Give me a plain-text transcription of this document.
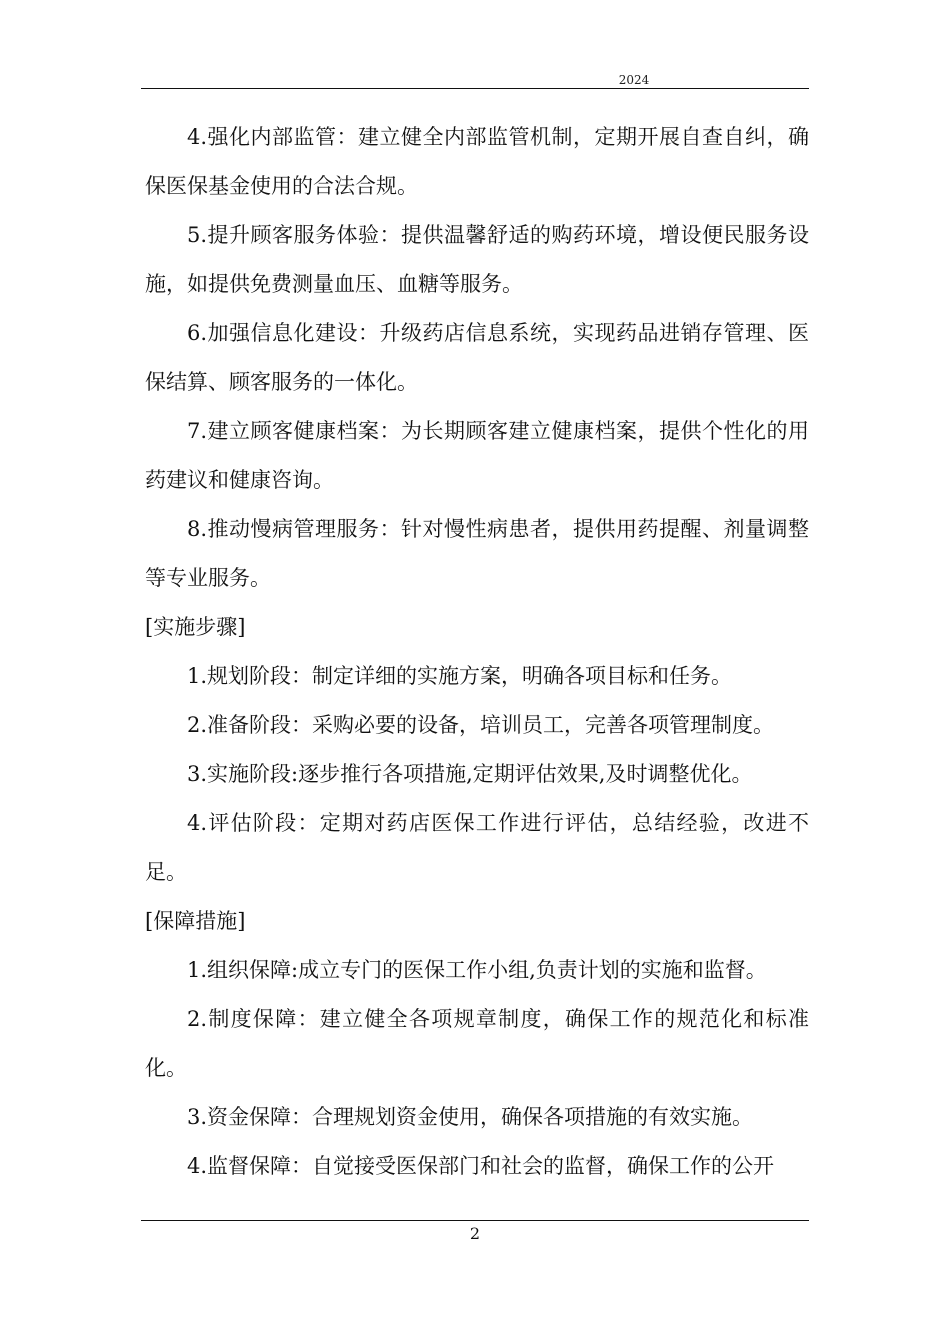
2024

4.强化内部监管：建立健全内部监管机制，定期开展自查自纠，确保医保基金使用的合法合规。

5.提升顾客服务体验：提供温馨舒适的购药环境，增设便民服务设施，如提供免费测量血压、血糖等服务。

6.加强信息化建设：升级药店信息系统，实现药品进销存管理、医保结算、顾客服务的一体化。

7.建立顾客健康档案：为长期顾客建立健康档案，提供个性化的用药建议和健康咨询。

8.推动慢病管理服务：针对慢性病患者，提供用药提醒、剂量调整等专业服务。

[实施步骤]

1.规划阶段：制定详细的实施方案，明确各项目标和任务。

2.准备阶段：采购必要的设备，培训员工，完善各项管理制度。

3.实施阶段:逐步推行各项措施,定期评估效果,及时调整优化。

4.评估阶段：定期对药店医保工作进行评估，总结经验，改进不足。

[保障措施]

1.组织保障:成立专门的医保工作小组,负责计划的实施和监督。

2.制度保障：建立健全各项规章制度，确保工作的规范化和标准化。

3.资金保障：合理规划资金使用，确保各项措施的有效实施。

4.监督保障：自觉接受医保部门和社会的监督，确保工作的公开

2
